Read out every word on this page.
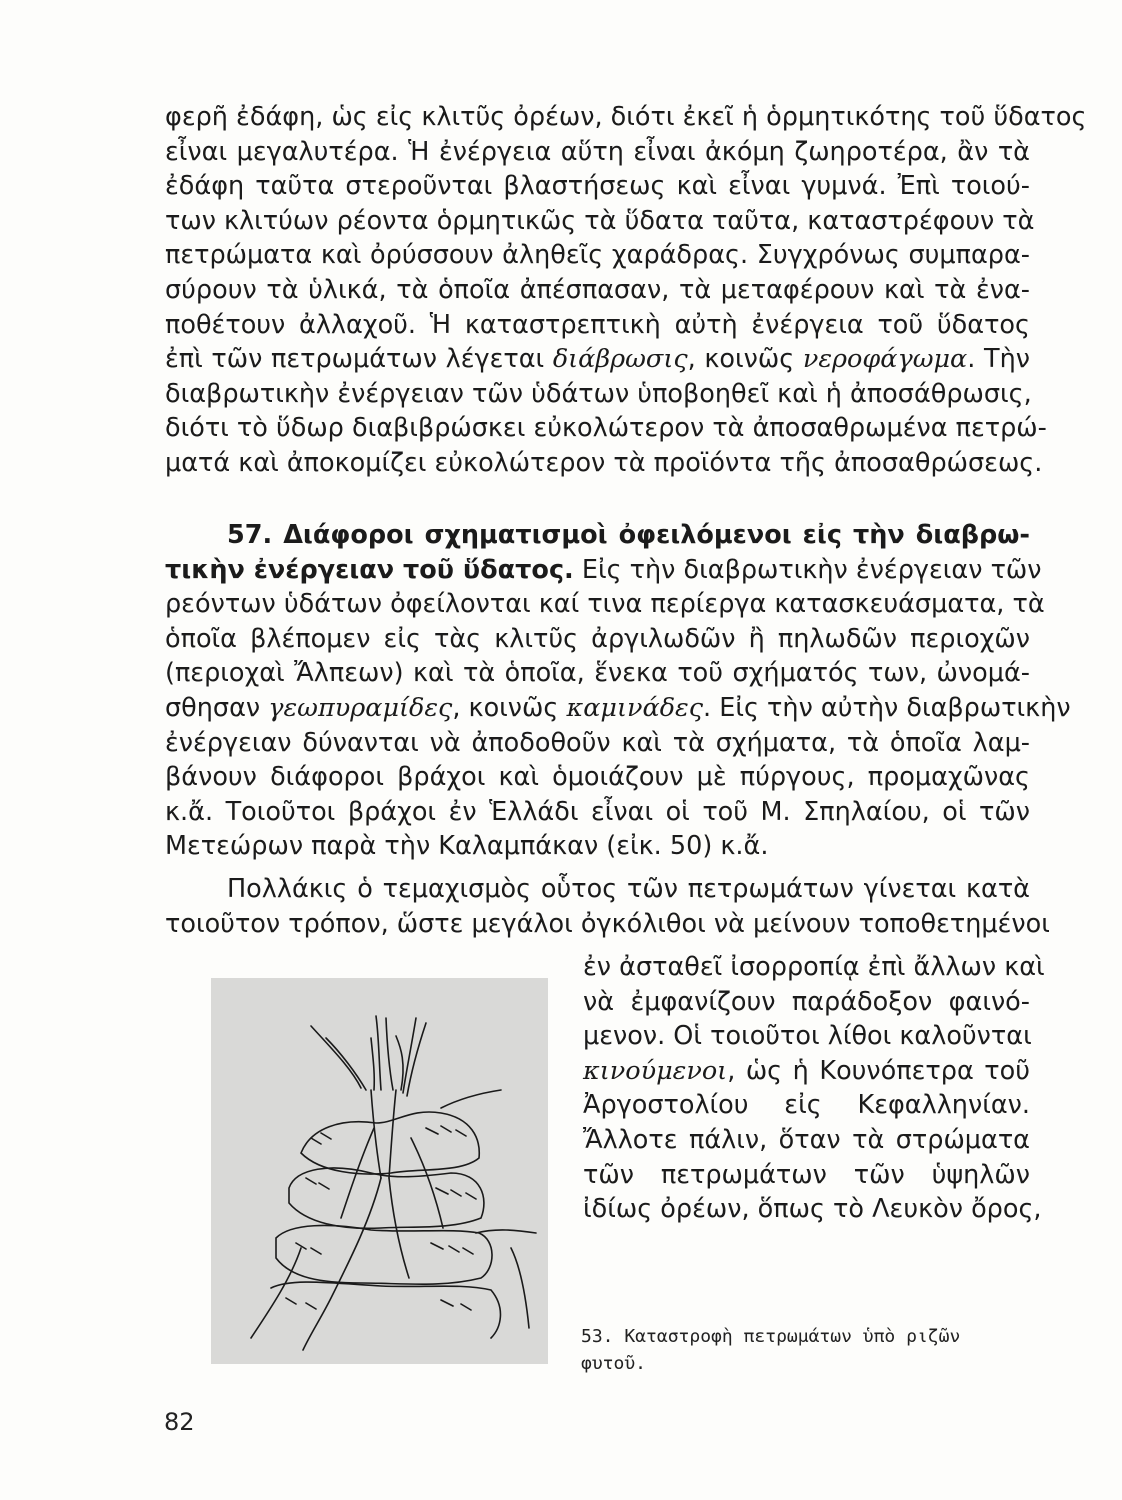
φερῆ ἐδάφη, ὡς εἰς κλιτῦς ὀρέων, διότι ἐκεῖ ἡ ὁρμητικότης τοῦ ὕδατος
εἶναι μεγαλυτέρα. Ἡ ἐνέργεια αὕτη εἶναι ἀκόμη ζωηροτέρα, ἂν τὰ
ἐδάφη ταῦτα στεροῦνται βλαστήσεως καὶ εἶναι γυμνά. Ἐπὶ τοιού-
των κλιτύων ρέοντα ὁρμητικῶς τὰ ὕδατα ταῦτα, καταστρέφουν τὰ
πετρώματα καὶ ὀρύσσουν ἀληθεῖς χαράδρας. Συγχρόνως συμπαρα-
σύρουν τὰ ὑλικά, τὰ ὁποῖα ἀπέσπασαν, τὰ μεταφέρουν καὶ τὰ ἐνα-
ποθέτουν ἀλλαχοῦ. Ἡ καταστρεπτικὴ αὐτὴ ἐνέργεια τοῦ ὕδατος
ἐπὶ τῶν πετρωμάτων λέγεται διάβρωσις, κοινῶς νεροφάγωμα. Τὴν
διαβρωτικὴν ἐνέργειαν τῶν ὑδάτων ὑποβοηθεῖ καὶ ἡ ἀποσάθρωσις,
διότι τὸ ὕδωρ διαβιβρώσκει εὐκολώτερον τὰ ἀποσαθρωμένα πετρώ-
ματά καὶ ἀποκομίζει εὐκολώτερον τὰ προϊόντα τῆς ἀποσαθρώσεως.
57. Διάφοροι σχηματισμοὶ ὀφειλόμενοι εἰς τὴν διαβρω-
τικὴν ἐνέργειαν τοῦ ὕδατος. Εἰς τὴν διαβρωτικὴν ἐνέργειαν τῶν
ρεόντων ὑδάτων ὀφείλονται καί τινα περίεργα κατασκευάσματα, τὰ
ὁποῖα βλέπομεν εἰς τὰς κλιτῦς ἀργιλωδῶν ἢ πηλωδῶν περιοχῶν
(περιοχαὶ Ἄλπεων) καὶ τὰ ὁποῖα, ἕνεκα τοῦ σχήματός των, ὠνομά-
σθησαν γεωπυραμίδες, κοινῶς καμινάδες. Εἰς τὴν αὐτὴν διαβρωτικὴν
ἐνέργειαν δύνανται νὰ ἀποδοθοῦν καὶ τὰ σχήματα, τὰ ὁποῖα λαμ-
βάνουν διάφοροι βράχοι καὶ ὁμοιάζουν μὲ πύργους, προμαχῶνας
κ.ἄ. Τοιοῦτοι βράχοι ἐν Ἑλλάδι εἶναι οἱ τοῦ Μ. Σπηλαίου, οἱ τῶν
Μετεώρων παρὰ τὴν Καλαμπάκαν (εἰκ. 50) κ.ἄ.
Πολλάκις ὁ τεμαχισμὸς οὗτος τῶν πετρωμάτων γίνεται κατὰ
τοιοῦτον τρόπον, ὥστε μεγάλοι ὀγκόλιθοι νὰ μείνουν τοποθετημένοι
ἐν ἀσταθεῖ ἰσορροπίᾳ ἐπὶ ἄλλων καὶ
νὰ ἐμφανίζουν παράδοξον φαινό-
μενον. Οἱ τοιοῦτοι λίθοι καλοῦνται
κινούμενοι, ὡς ἡ Κουνόπετρα τοῦ
Ἀργοστολίου εἰς Κεφαλληνίαν.
Ἄλλοτε πάλιν, ὅταν τὰ στρώματα
τῶν πετρωμάτων τῶν ὑψηλῶν
ἰδίως ὀρέων, ὅπως τὸ Λευκὸν ὄρος,
53. Καταστροφὴ πετρωμάτων ὑπὸ ριζῶν
φυτοῦ.
82
